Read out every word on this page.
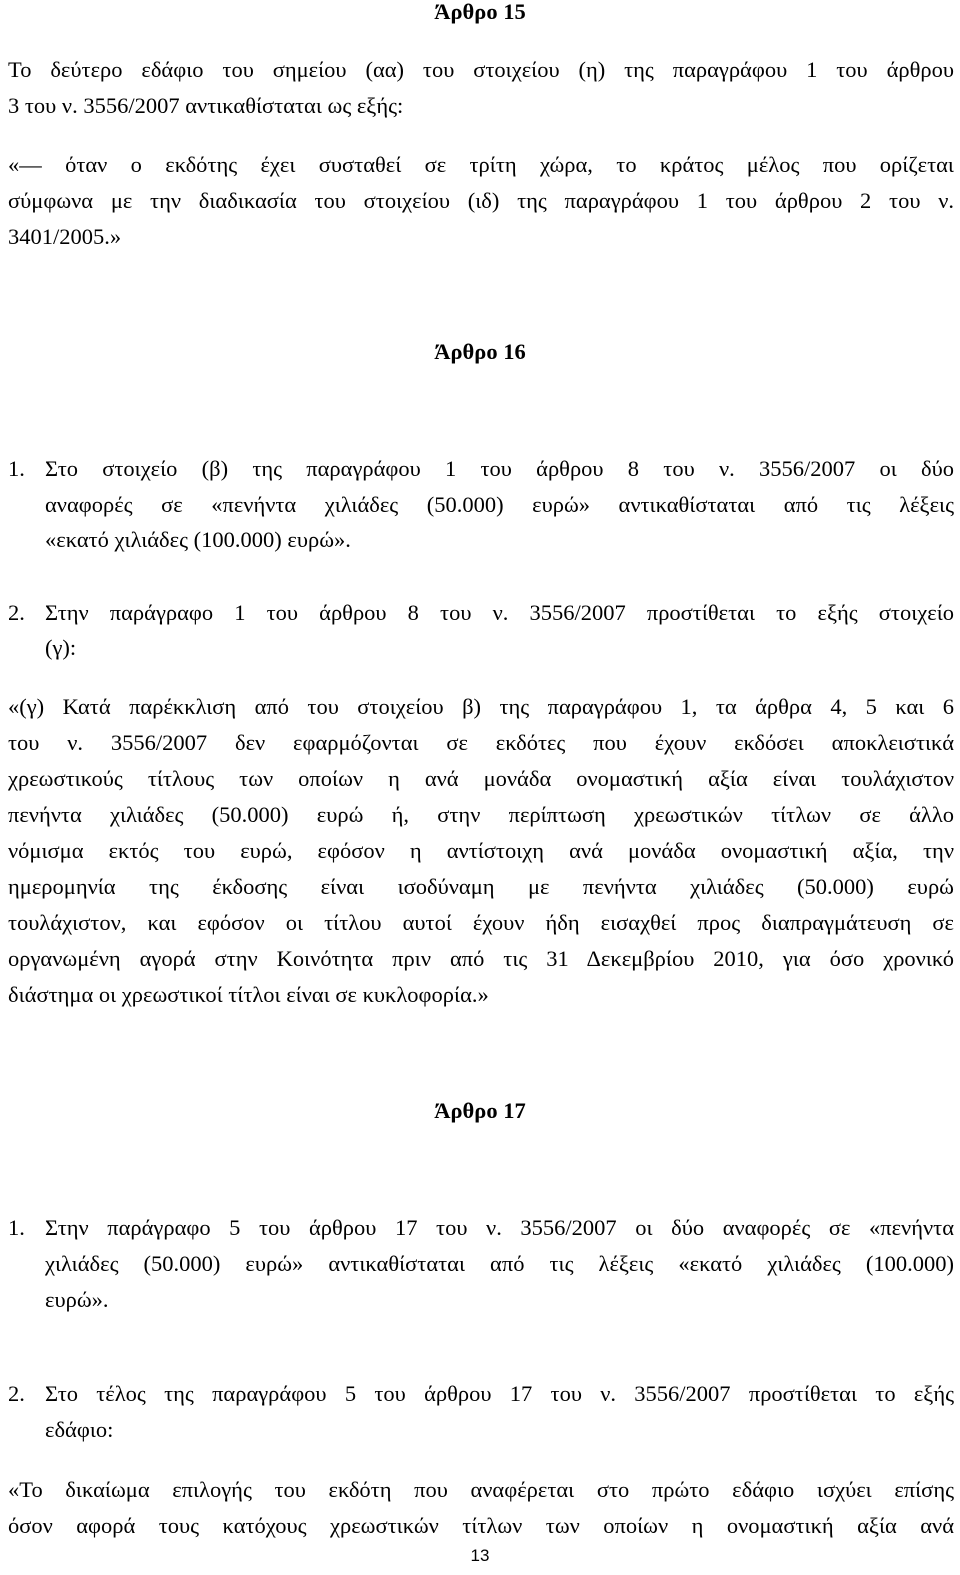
Άρθρο 15
Το δεύτερο εδάφιο του σημείου (αα) του στοιχείου (η) της παραγράφου 1 του άρθρου
3 του ν. 3556/2007 αντικαθίσταται ως εξής:
«— όταν ο εκδότης έχει συσταθεί σε τρίτη χώρα, το κράτος μέλος που ορίζεται
σύμφωνα με την διαδικασία του στοιχείου (ιδ) της παραγράφου 1 του άρθρου 2 του ν.
3401/2005.»
Άρθρο 16
1. Στο στοιχείο (β) της παραγράφου 1 του άρθρου 8 του ν. 3556/2007 οι δύο
αναφορές σε «πενήντα χιλιάδες (50.000) ευρώ» αντικαθίσταται από τις λέξεις
«εκατό χιλιάδες (100.000) ευρώ».
2. Στην παράγραφο 1 του άρθρου 8 του ν. 3556/2007 προστίθεται το εξής στοιχείο
(γ):
«(γ) Κατά παρέκκλιση από του στοιχείου β) της παραγράφου 1, τα άρθρα 4, 5 και 6
του ν. 3556/2007 δεν εφαρμόζονται σε εκδότες που έχουν εκδόσει αποκλειστικά
χρεωστικούς τίτλους των οποίων η ανά μονάδα ονομαστική αξία είναι τουλάχιστον
πενήντα χιλιάδες (50.000) ευρώ ή, στην περίπτωση χρεωστικών τίτλων σε άλλο
νόμισμα εκτός του ευρώ, εφόσον η αντίστοιχη ανά μονάδα ονομαστική αξία, την
ημερομηνία της έκδοσης είναι ισοδύναμη με πενήντα χιλιάδες (50.000) ευρώ
τουλάχιστον, και εφόσον οι τίτλου αυτοί έχουν ήδη εισαχθεί προς διαπραγμάτευση σε
οργανωμένη αγορά στην Κοινότητα πριν από τις 31 Δεκεμβρίου 2010, για όσο χρονικό
διάστημα οι χρεωστικοί τίτλοι είναι σε κυκλοφορία.»
Άρθρο 17
1. Στην παράγραφο 5 του άρθρου 17 του ν. 3556/2007 οι δύο αναφορές σε «πενήντα
χιλιάδες (50.000) ευρώ» αντικαθίσταται από τις λέξεις «εκατό χιλιάδες (100.000)
ευρώ».
2. Στο τέλος της παραγράφου 5 του άρθρου 17 του ν. 3556/2007 προστίθεται το εξής
εδάφιο:
«Το δικαίωμα επιλογής του εκδότη που αναφέρεται στο πρώτο εδάφιο ισχύει επίσης
όσον αφορά τους κατόχους χρεωστικών τίτλων των οποίων η ονομαστική αξία ανά
13
